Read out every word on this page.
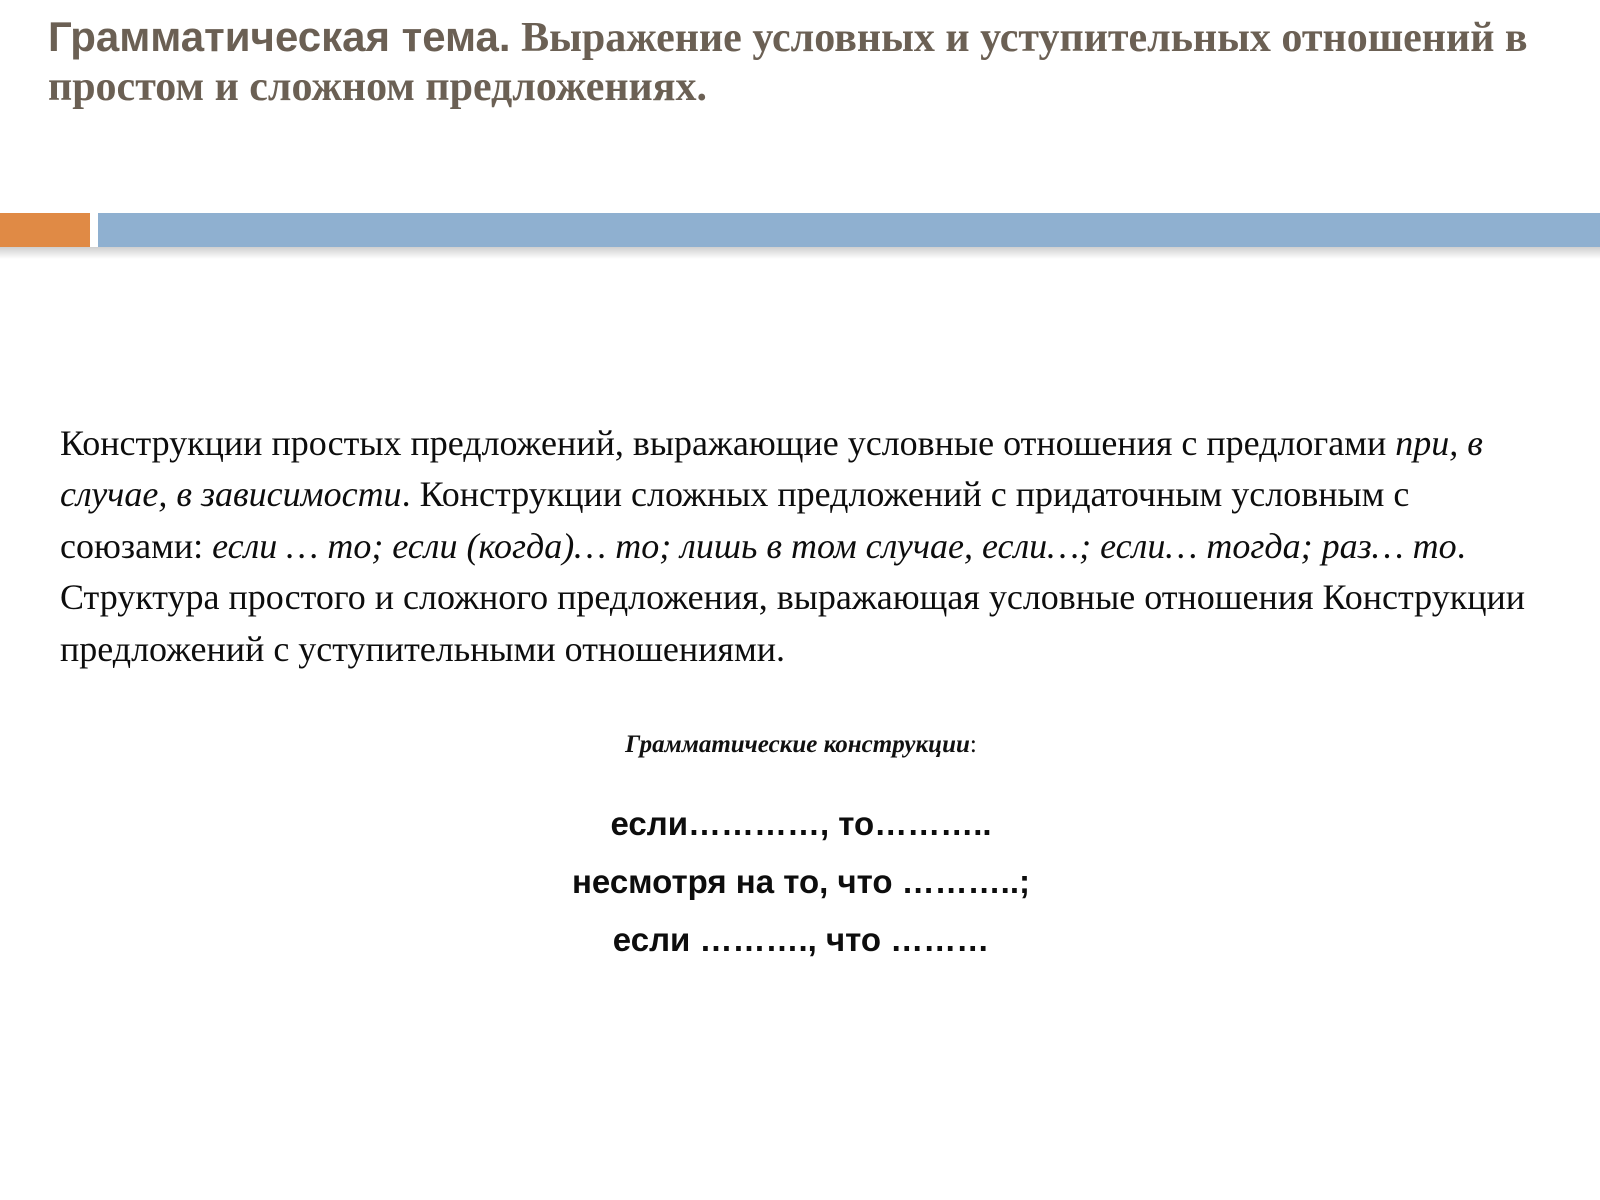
Грамматическая тема. Выражение условных и уступительных отношений в простом и сложном предложениях.
Конструкции простых предложений, выражающие условные отношения с предлогами при, в случае, в зависимости. Конструкции сложных предложений с придаточным условным с союзами: если … то; если (когда)… то; лишь в том случае, если…; если… тогда; раз… то. Структура простого и сложного предложения, выражающая условные отношения Конструкции предложений с уступительными отношениями.
Грамматические конструкции:
если…………, то………..
несмотря на то, что ………..;
если ………., что ………
